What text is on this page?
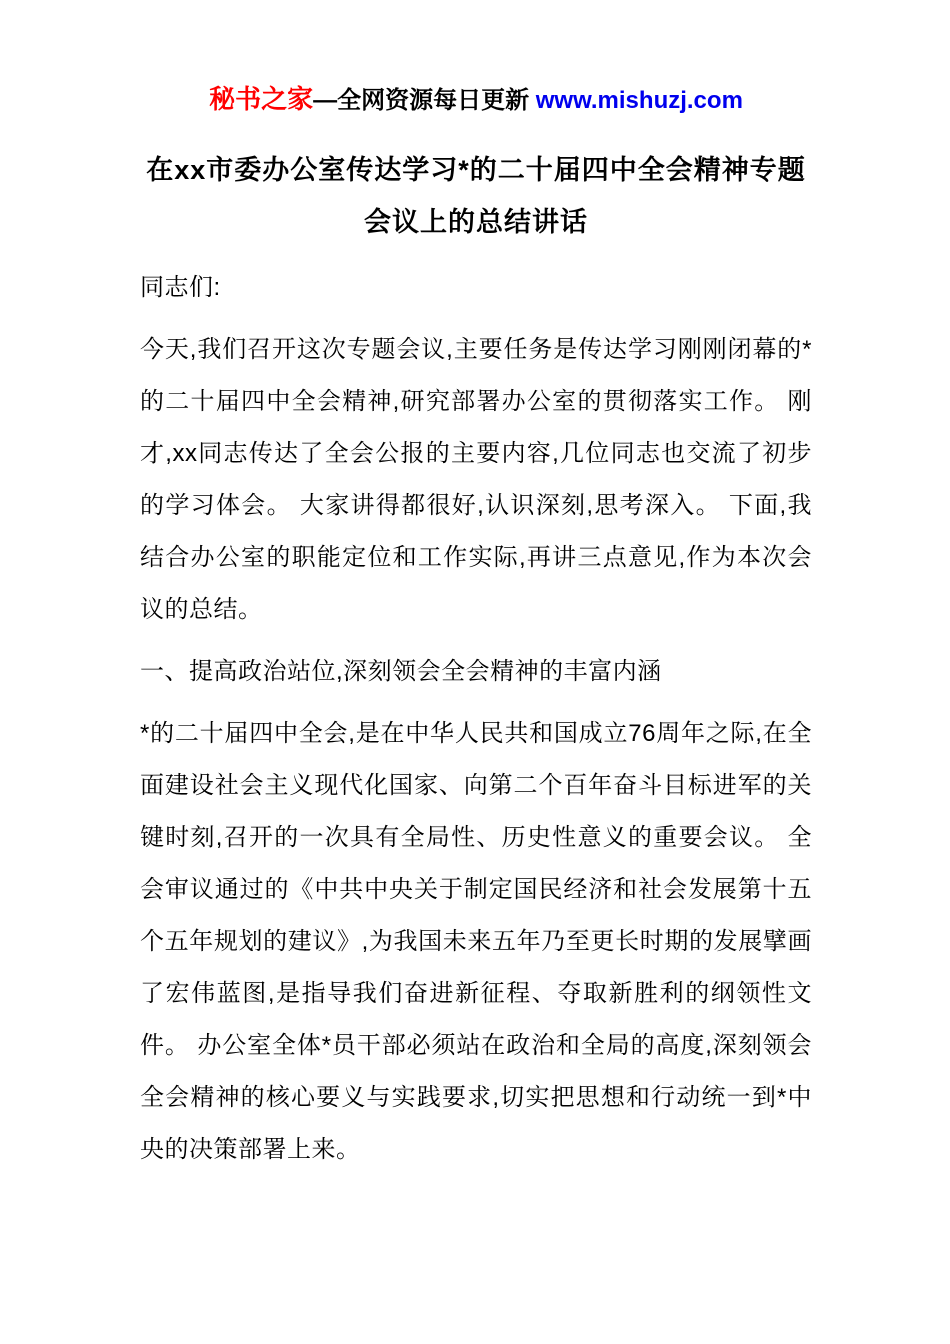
秘书之家—全网资源每日更新 www.mishuzj.com
在xx市委办公室传达学习*的二十届四中全会精神专题会议上的总结讲话

同志们:

今天,我们召开这次专题会议,主要任务是传达学习刚刚闭幕的*的二十届四中全会精神,研究部署办公室的贯彻落实工作。 刚才,xx同志传达了全会公报的主要内容,几位同志也交流了初步的学习体会。 大家讲得都很好,认识深刻,思考深入。 下面,我结合办公室的职能定位和工作实际,再讲三点意见,作为本次会议的总结。

一、提高政治站位,深刻领会全会精神的丰富内涵

*的二十届四中全会,是在中华人民共和国成立76周年之际,在全面建设社会主义现代化国家、向第二个百年奋斗目标进军的关键时刻,召开的一次具有全局性、历史性意义的重要会议。 全会审议通过的《中共中央关于制定国民经济和社会发展第十五个五年规划的建议》,为我国未来五年乃至更长时期的发展擘画了宏伟蓝图,是指导我们奋进新征程、夺取新胜利的纲领性文件。 办公室全体*员干部必须站在政治和全局的高度,深刻领会全会精神的核心要义与实践要求,切实把思想和行动统一到*中央的决策部署上来。
